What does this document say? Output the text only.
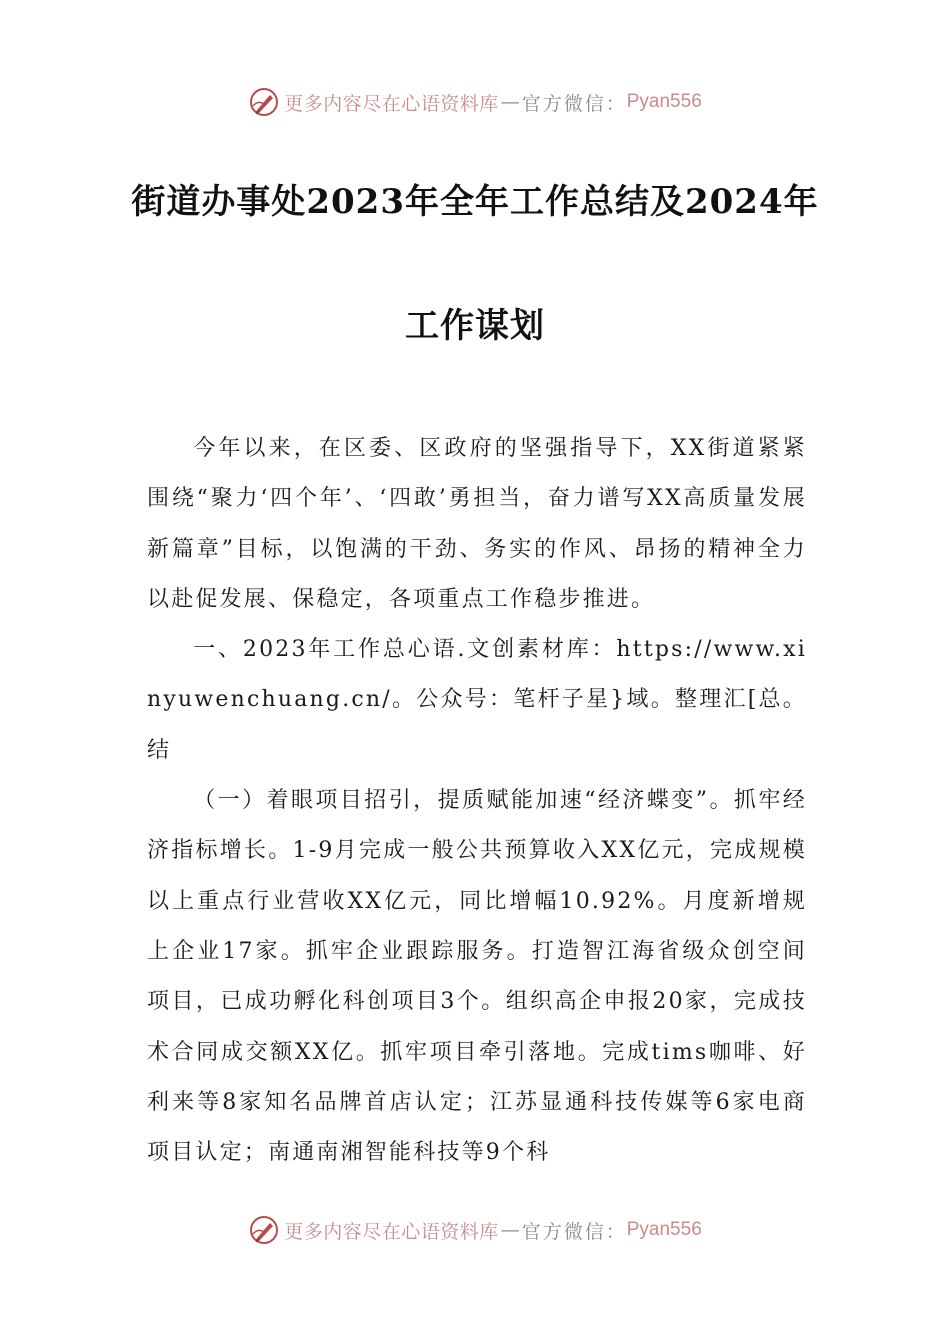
更多内容尽在心语资料库 — 官方微信： Pyan556
街道办事处2023年全年工作总结及2024年
工作谋划

今年以来，在区委、区政府的坚强指导下，XX街道紧紧围绕“聚力‘四个年’、‘四敢’勇担当，奋力谱写XX高质量发展新篇章”目标，以饱满的干劲、务实的作风、昂扬的精神全力以赴促发展、保稳定，各项重点工作稳步推进。

一、2023年工作总心语.文创素材库：https://www.xinyuwenchuang.cn/。公众号：笔杆子星}域。整理汇[总。结

（一）着眼项目招引，提质赋能加速“经济蝶变”。抓牢经济指标增长。1-9月完成一般公共预算收入XX亿元，完成规模以上重点行业营收XX亿元，同比增幅10.92%。月度新增规上企业17家。抓牢企业跟踪服务。打造智江海省级众创空间项目，已成功孵化科创项目3个。组织高企申报20家，完成技术合同成交额XX亿。抓牢项目牵引落地。完成tims咖啡、好利来等8家知名品牌首店认定；江苏显通科技传媒等6家电商项目认定；南通南湘智能科技等9个科

更多内容尽在心语资料库 — 官方微信： Pyan556
